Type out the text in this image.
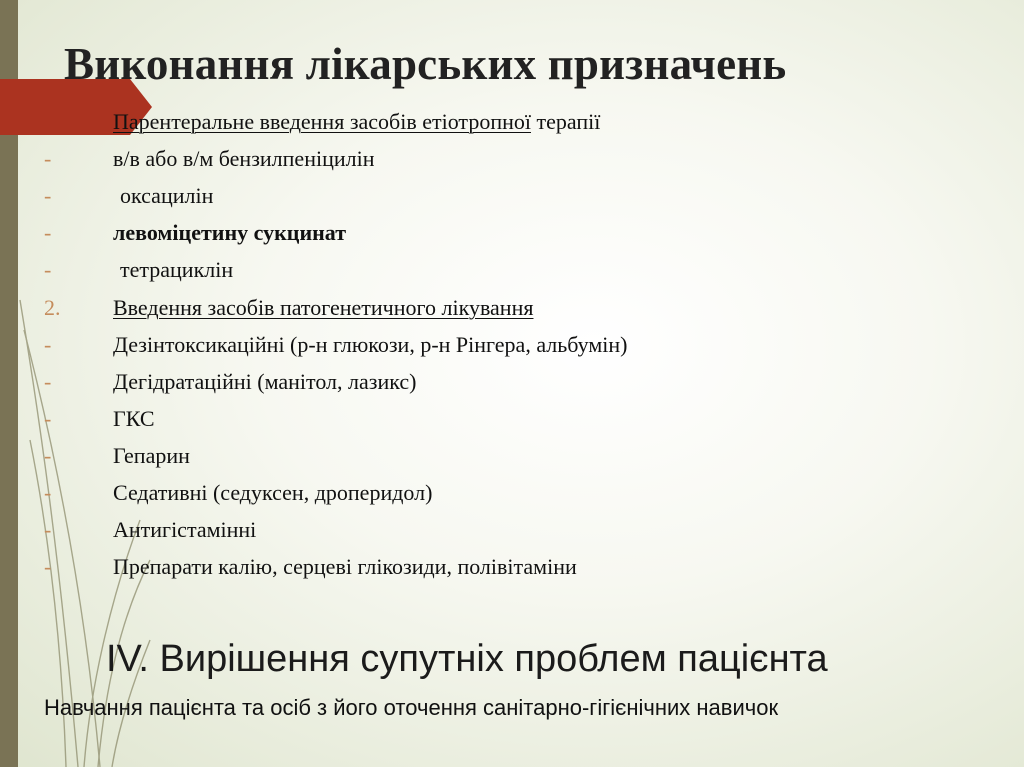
Виконання лікарських призначень
Парентеральне введення засобів етіотропної терапії
-	в/в або в/м бензилпеніцилін
-	оксацилін
-	левоміцетину сукцинат
-	тетрациклін
2.	Введення засобів патогенетичного лікування
-	Дезінтоксикаційні (р-н глюкози, р-н Рінгера, альбумін)
-	Дегідратаційні (манітол, лазикс)
-	ГКС
-	Гепарин
-	Седативні (седуксен, дроперидол)
-	Антигістамінні
-	Препарати калію, серцеві глікозиди, полівітаміни
IV. Вирішення супутніх проблем пацієнта
Навчання пацієнта та осіб з його оточення санітарно-гігієнічних навичок
